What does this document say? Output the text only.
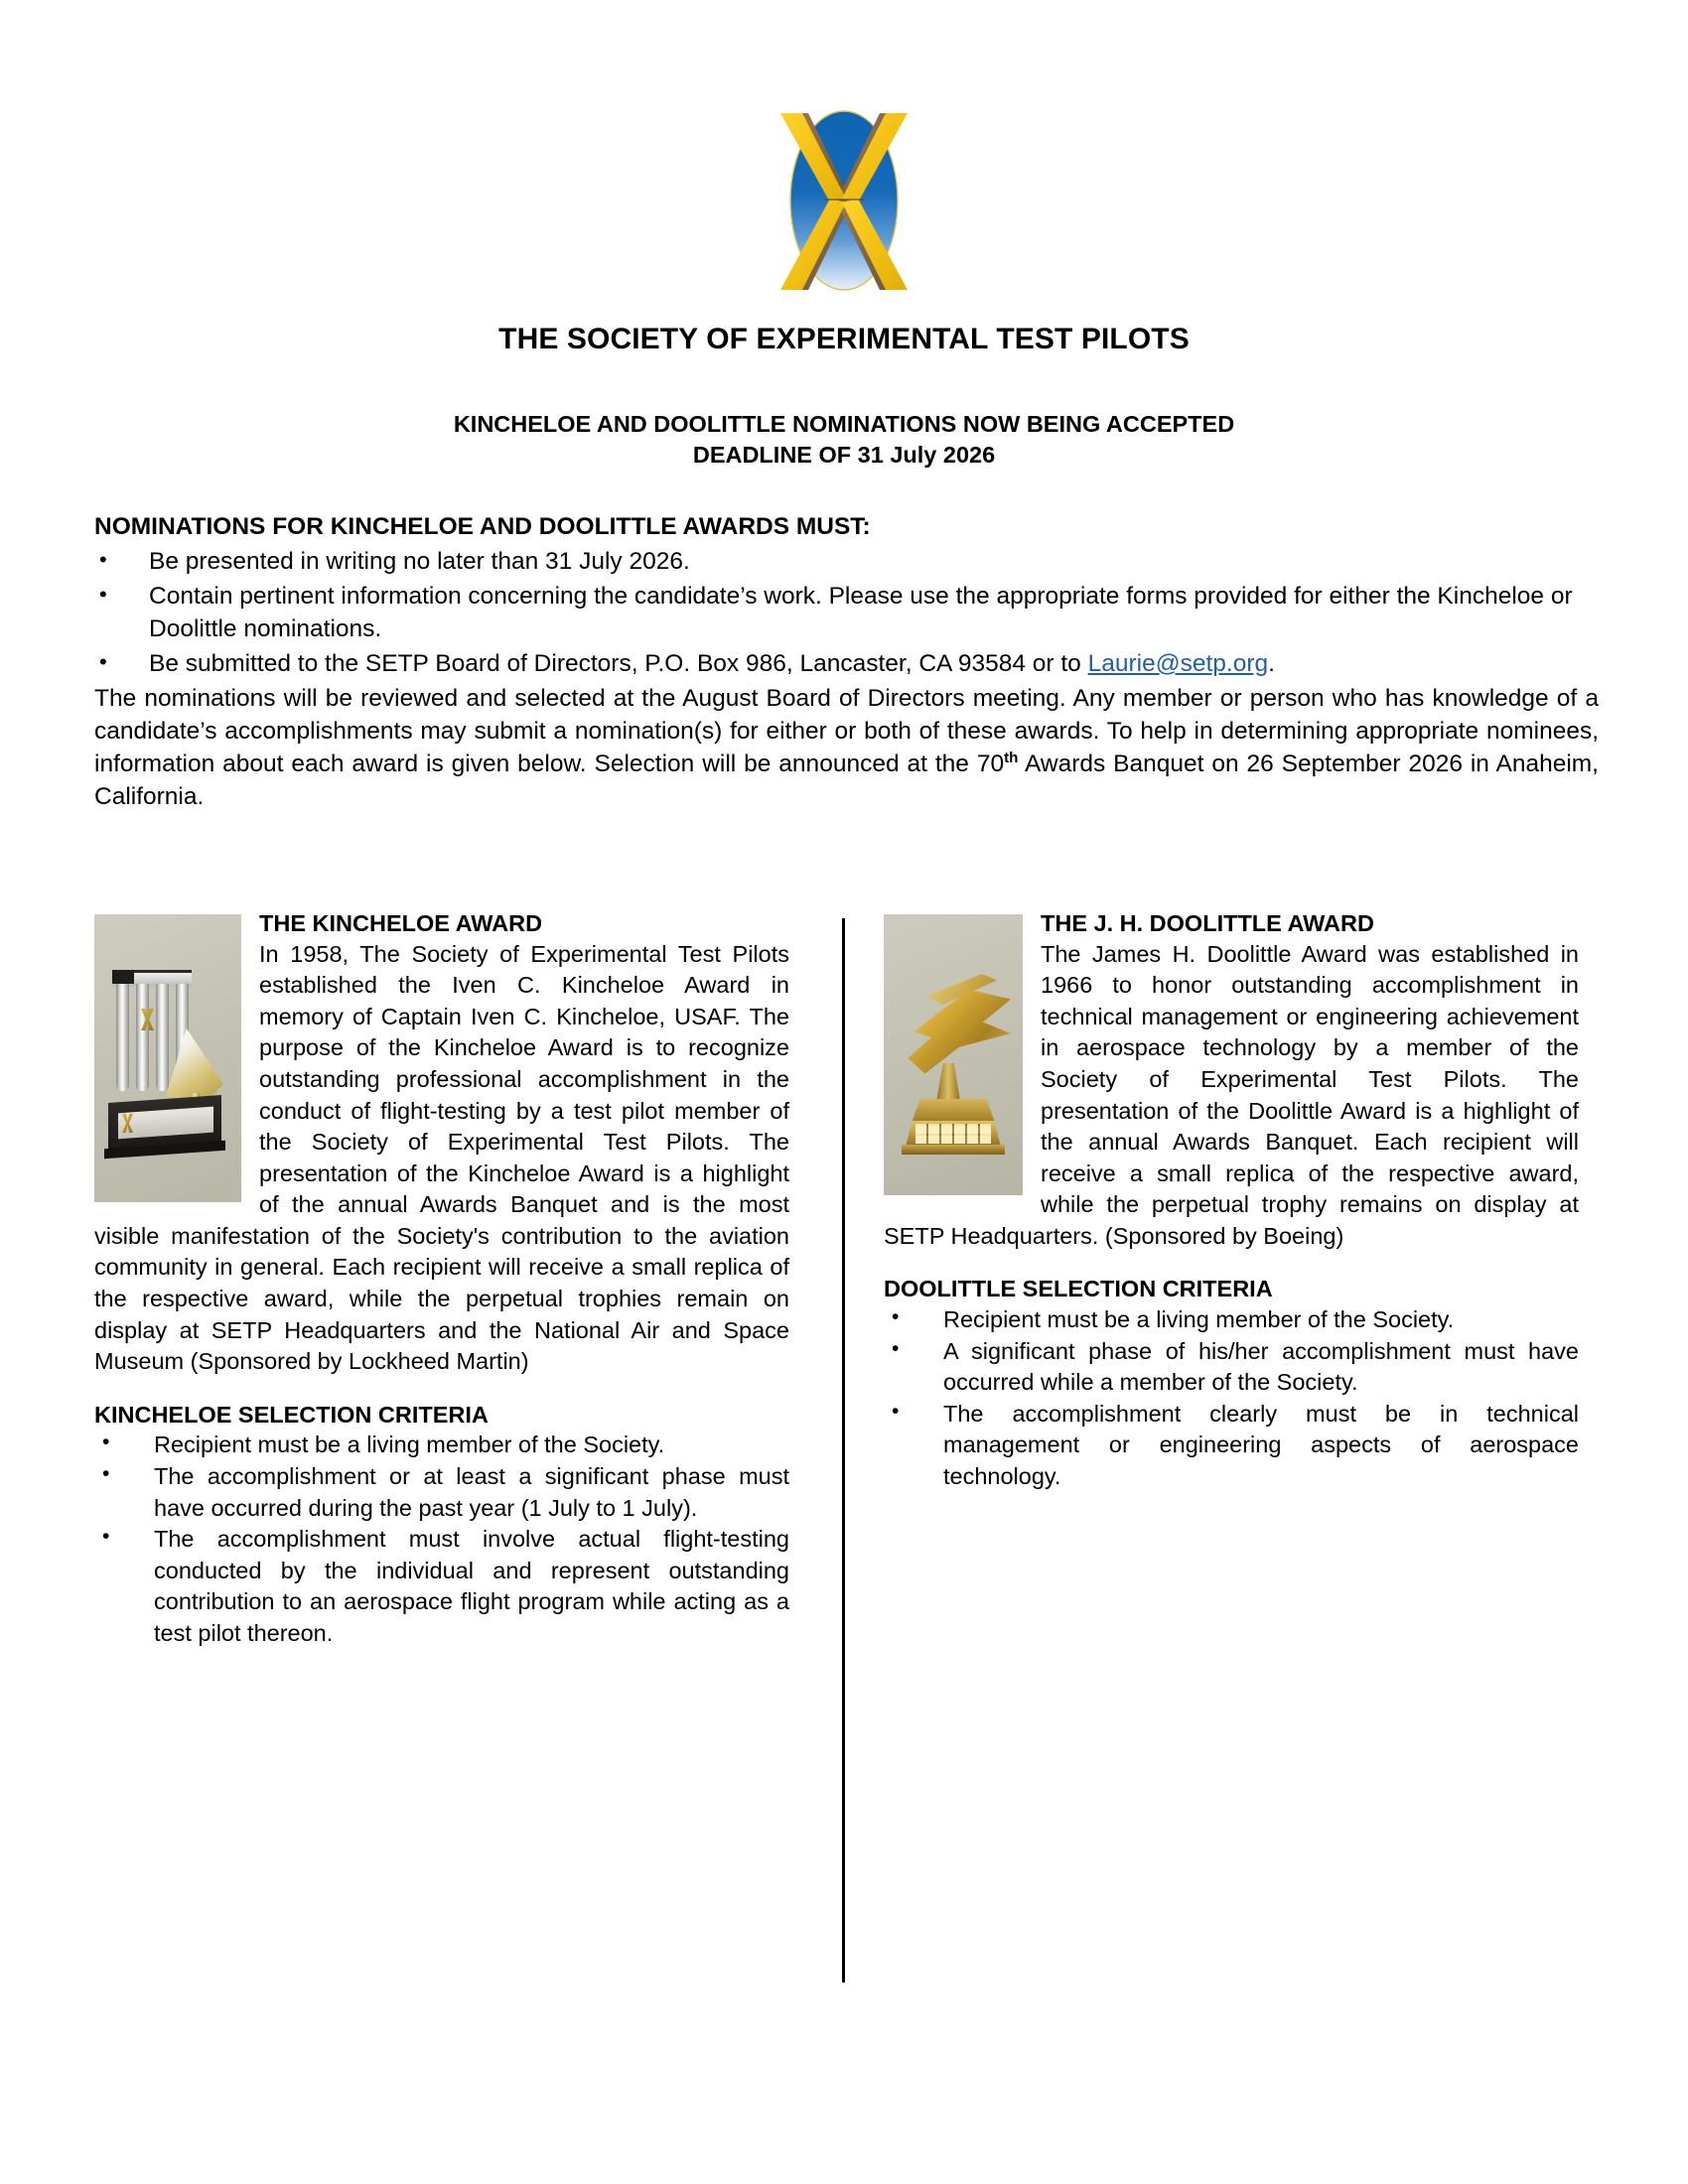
THE SOCIETY OF EXPERIMENTAL TEST PILOTS
KINCHELOE AND DOOLITTLE NOMINATIONS NOW BEING ACCEPTED
DEADLINE OF 31 July 2026
NOMINATIONS FOR KINCHELOE AND DOOLITTLE AWARDS MUST:
• Be presented in writing no later than 31 July 2026.
• Contain pertinent information concerning the candidate’s work. Please use the appropriate forms provided for either the Kincheloe or Doolittle nominations.
• Be submitted to the SETP Board of Directors, P.O. Box 986, Lancaster, CA 93584 or to Laurie@setp.org.

The nominations will be reviewed and selected at the August Board of Directors meeting. Any member or person who has knowledge of a candidate’s accomplishments may submit a nomination(s) for either or both of these awards. To help in determining appropriate nominees, information about each award is given below. Selection will be announced at the 70th Awards Banquet on 26 September 2026 in Anaheim, California.

THE KINCHELOE AWARD

In 1958, The Society of Experimental Test Pilots established the Iven C. Kincheloe Award in memory of Captain Iven C. Kincheloe, USAF. The purpose of the Kincheloe Award is to recognize outstanding professional accomplishment in the conduct of flight-testing by a test pilot member of the Society of Experimental Test Pilots. The presentation of the Kincheloe Award is a highlight of the annual Awards Banquet and is the most visible manifestation of the Society's contribution to the aviation community in general. Each recipient will receive a small replica of the respective award, while the perpetual trophies remain on display at SETP Headquarters and the National Air and Space Museum (Sponsored by Lockheed Martin)

KINCHELOE SELECTION CRITERIA
• Recipient must be a living member of the Society.
• The accomplishment or at least a significant phase must have occurred during the past year (1 July to 1 July).
• The accomplishment must involve actual flight-testing conducted by the individual and represent outstanding contribution to an aerospace flight program while acting as a test pilot thereon.
THE J. H. DOOLITTLE AWARD

The James H. Doolittle Award was established in 1966 to honor outstanding accomplishment in technical management or engineering achievement in aerospace technology by a member of the Society of Experimental Test Pilots. The presentation of the Doolittle Award is a highlight of the annual Awards Banquet. Each recipient will receive a small replica of the respective award, while the perpetual trophy remains on display at SETP Headquarters. (Sponsored by Boeing)

DOOLITTLE SELECTION CRITERIA
• Recipient must be a living member of the Society.
• A significant phase of his/her accomplishment must have occurred while a member of the Society.
• The accomplishment clearly must be in technical management or engineering aspects of aerospace technology.
